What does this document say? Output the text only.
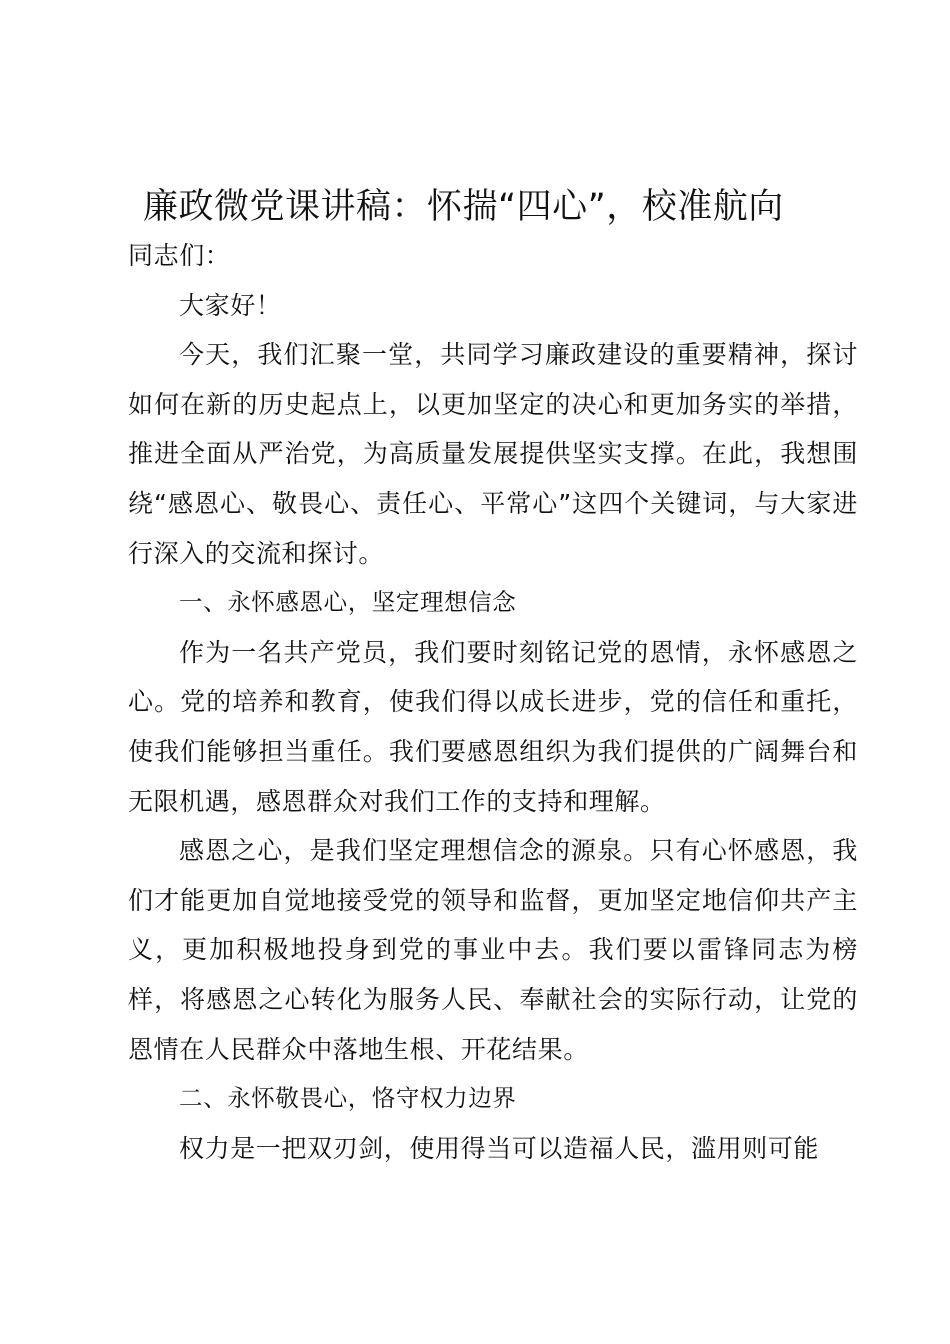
廉政微党课讲稿：怀揣“四心”，校准航向

同志们：

大家好！

今天，我们汇聚一堂，共同学习廉政建设的重要精神，探讨如何在新的历史起点上，以更加坚定的决心和更加务实的举措，推进全面从严治党，为高质量发展提供坚实支撑。在此，我想围绕“感恩心、敬畏心、责任心、平常心”这四个关键词，与大家进行深入的交流和探讨。

一、永怀感恩心，坚定理想信念

作为一名共产党员，我们要时刻铭记党的恩情，永怀感恩之心。党的培养和教育，使我们得以成长进步，党的信任和重托，使我们能够担当重任。我们要感恩组织为我们提供的广阔舞台和无限机遇，感恩群众对我们工作的支持和理解。

感恩之心，是我们坚定理想信念的源泉。只有心怀感恩，我们才能更加自觉地接受党的领导和监督，更加坚定地信仰共产主义，更加积极地投身到党的事业中去。我们要以雷锋同志为榜样，将感恩之心转化为服务人民、奉献社会的实际行动，让党的恩情在人民群众中落地生根、开花结果。

二、永怀敬畏心，恪守权力边界

权力是一把双刃剑，使用得当可以造福人民，滥用则可能
